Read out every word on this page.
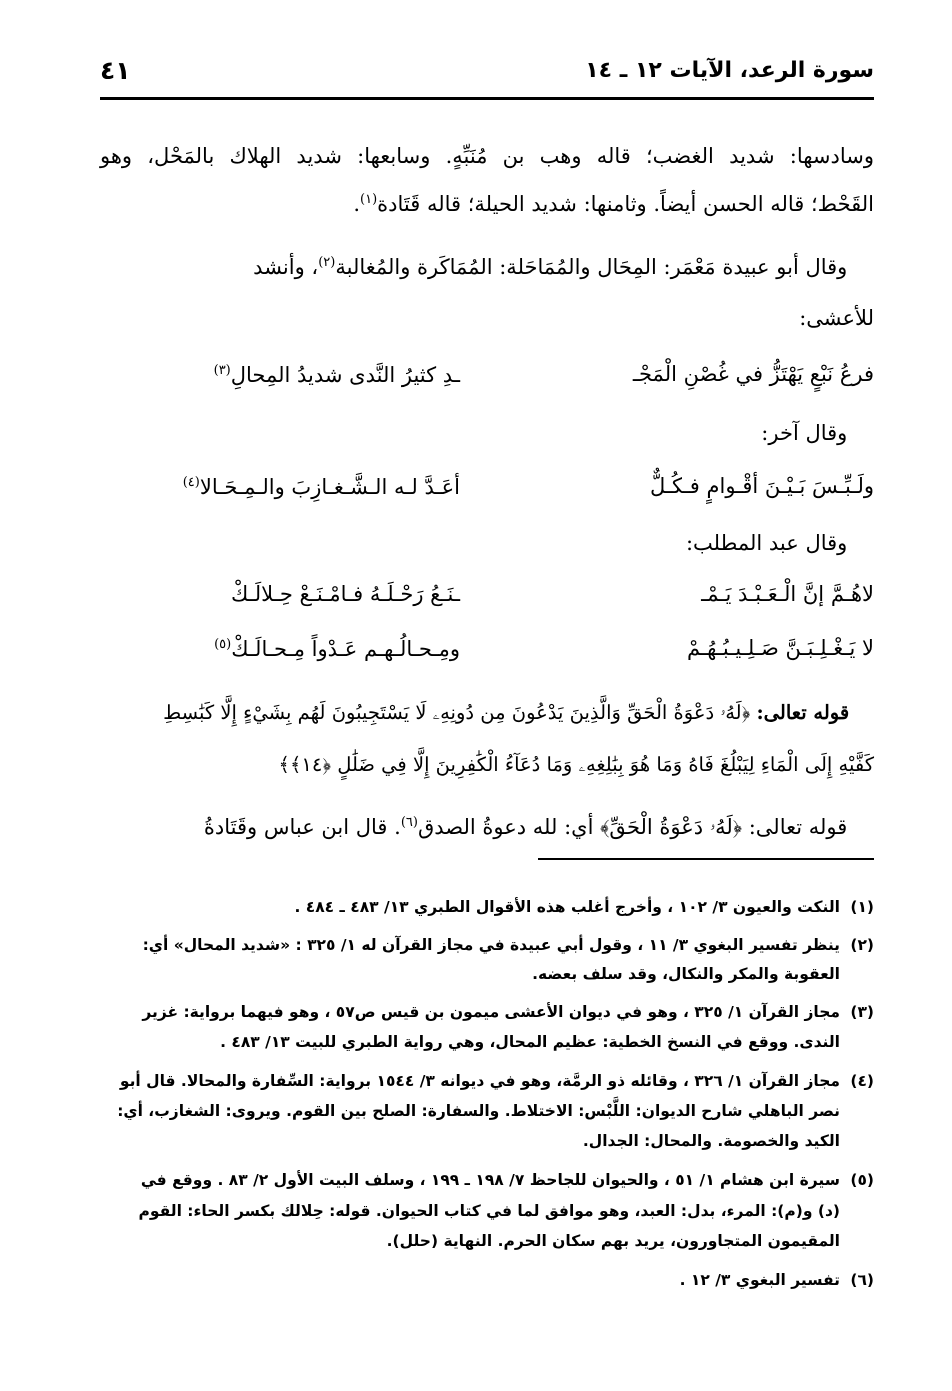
سورة الرعد، الآيات ١٢ ـ ١٤
٤١
وسادسها: شديد الغضب؛ قاله وهب بن مُنَبِّهٍ. وسابعها: شديد الهلاك بالمَحْل، وهو
القَحْط؛ قاله الحسن أيضاً. وثامنها: شديد الحيلة؛ قاله قَتَادة$^{(١)}$.
وقال أبو عبيدة مَعْمَر: المِحَال والمُمَاحَلة: المُمَاكَرة والمُغالبة$^{(٢)}$، وأنشد
للأعشى:
فرعُ نَبْعٍ يَهْتَزُّ في غُصْنِ الْمَجْـ
ـدِ كثيرُ النَّدى شديدُ المِحالِ$^{(٣)}$
وقال آخر:
ولَـبِّـسَ بَـيْـنَ أقْـوامٍ فـكُـلٌّ
أعَـدَّ لـه الـشَّـغـازِبَ والـمِـحَـالا$^{(٤)}$
وقال عبد المطلب:
لاهُـمَّ إنَّ الْـعَـبْـدَ يَـمْـ
ـنَـعُ رَحْـلَـهُ فـامْـنَـعْ حِـلالَـكْ
لا يَـغْـلِـبَـنَّ صَـلِـيـبُـهُـمْ
ومِـحـالُـهـم عَـدْواً مِـحـالَـكْ$^{(٥)}$
قوله تعالى: ﴿لَهُۥ دَعْوَةُ الْحَقِّ وَالَّذِينَ يَدْعُونَ مِن دُونِهِۦ لَا يَسْتَجِيبُونَ لَهُم بِشَيْءٍ إِلَّا كَبَٰسِطِ
كَفَّيْهِ إِلَى الْمَاءِ لِيَبْلُغَ فَاهُ وَمَا هُوَ بِبَٰلِغِهِۦ وَمَا دُعَآءُ الْكَٰفِرِينَ إِلَّا فِي ضَلَٰلٍ ﴿١٤﴾﴾
قوله تعالى: ﴿لَهُۥ دَعْوَةُ الْحَقِّ﴾ أي: لله دعوةُ الصدق$^{(٦)}$. قال ابن عباس وقَتَادةُ
(١)النكت والعيون ٣/ ١٠٢ ، وأخرج أغلب هذه الأقوال الطبري ١٣/ ٤٨٣ ـ ٤٨٤ .
(٢)ينظر تفسير البغوي ٣/ ١١ ، وقول أبي عبيدة في مجاز القرآن له ١/ ٣٢٥ : «شديد المحال» أي:
العقوبة والمكر والنكال، وقد سلف بعضه.
(٣)مجاز القرآن ١/ ٣٢٥ ، وهو في ديوان الأعشى ميمون بن قيس ص٥٧ ، وهو فيهما برواية: غزير
الندى. ووقع في النسخ الخطية: عظيم المحال، وهي رواية الطبري للبيت ١٣/ ٤٨٣ .
(٤)مجاز القرآن ١/ ٣٢٦ ، وقائله ذو الرمَّة، وهو في ديوانه ٣/ ١٥٤٤ برواية: السِّفارة والمحالا. قال أبو
نصر الباهلي شارح الديوان: اللَّبْس: الاختلاط. والسفارة: الصلح بين القوم. ويروى: الشغازب، أي:
الكيد والخصومة. والمحال: الجدال.
(٥)سيرة ابن هشام ١/ ٥١ ، والحيوان للجاحظ ٧/ ١٩٨ ـ ١٩٩ ، وسلف البيت الأول ٢/ ٨٣ . ووقع في
(د) و(م): المرء، بدل: العبد، وهو موافق لما في كتاب الحيوان. قوله: حِلالك بكسر الحاء: القوم
المقيمون المتجاورون، يريد بهم سكان الحرم. النهاية (حلل).
(٦)تفسير البغوي ٣/ ١٢ .
